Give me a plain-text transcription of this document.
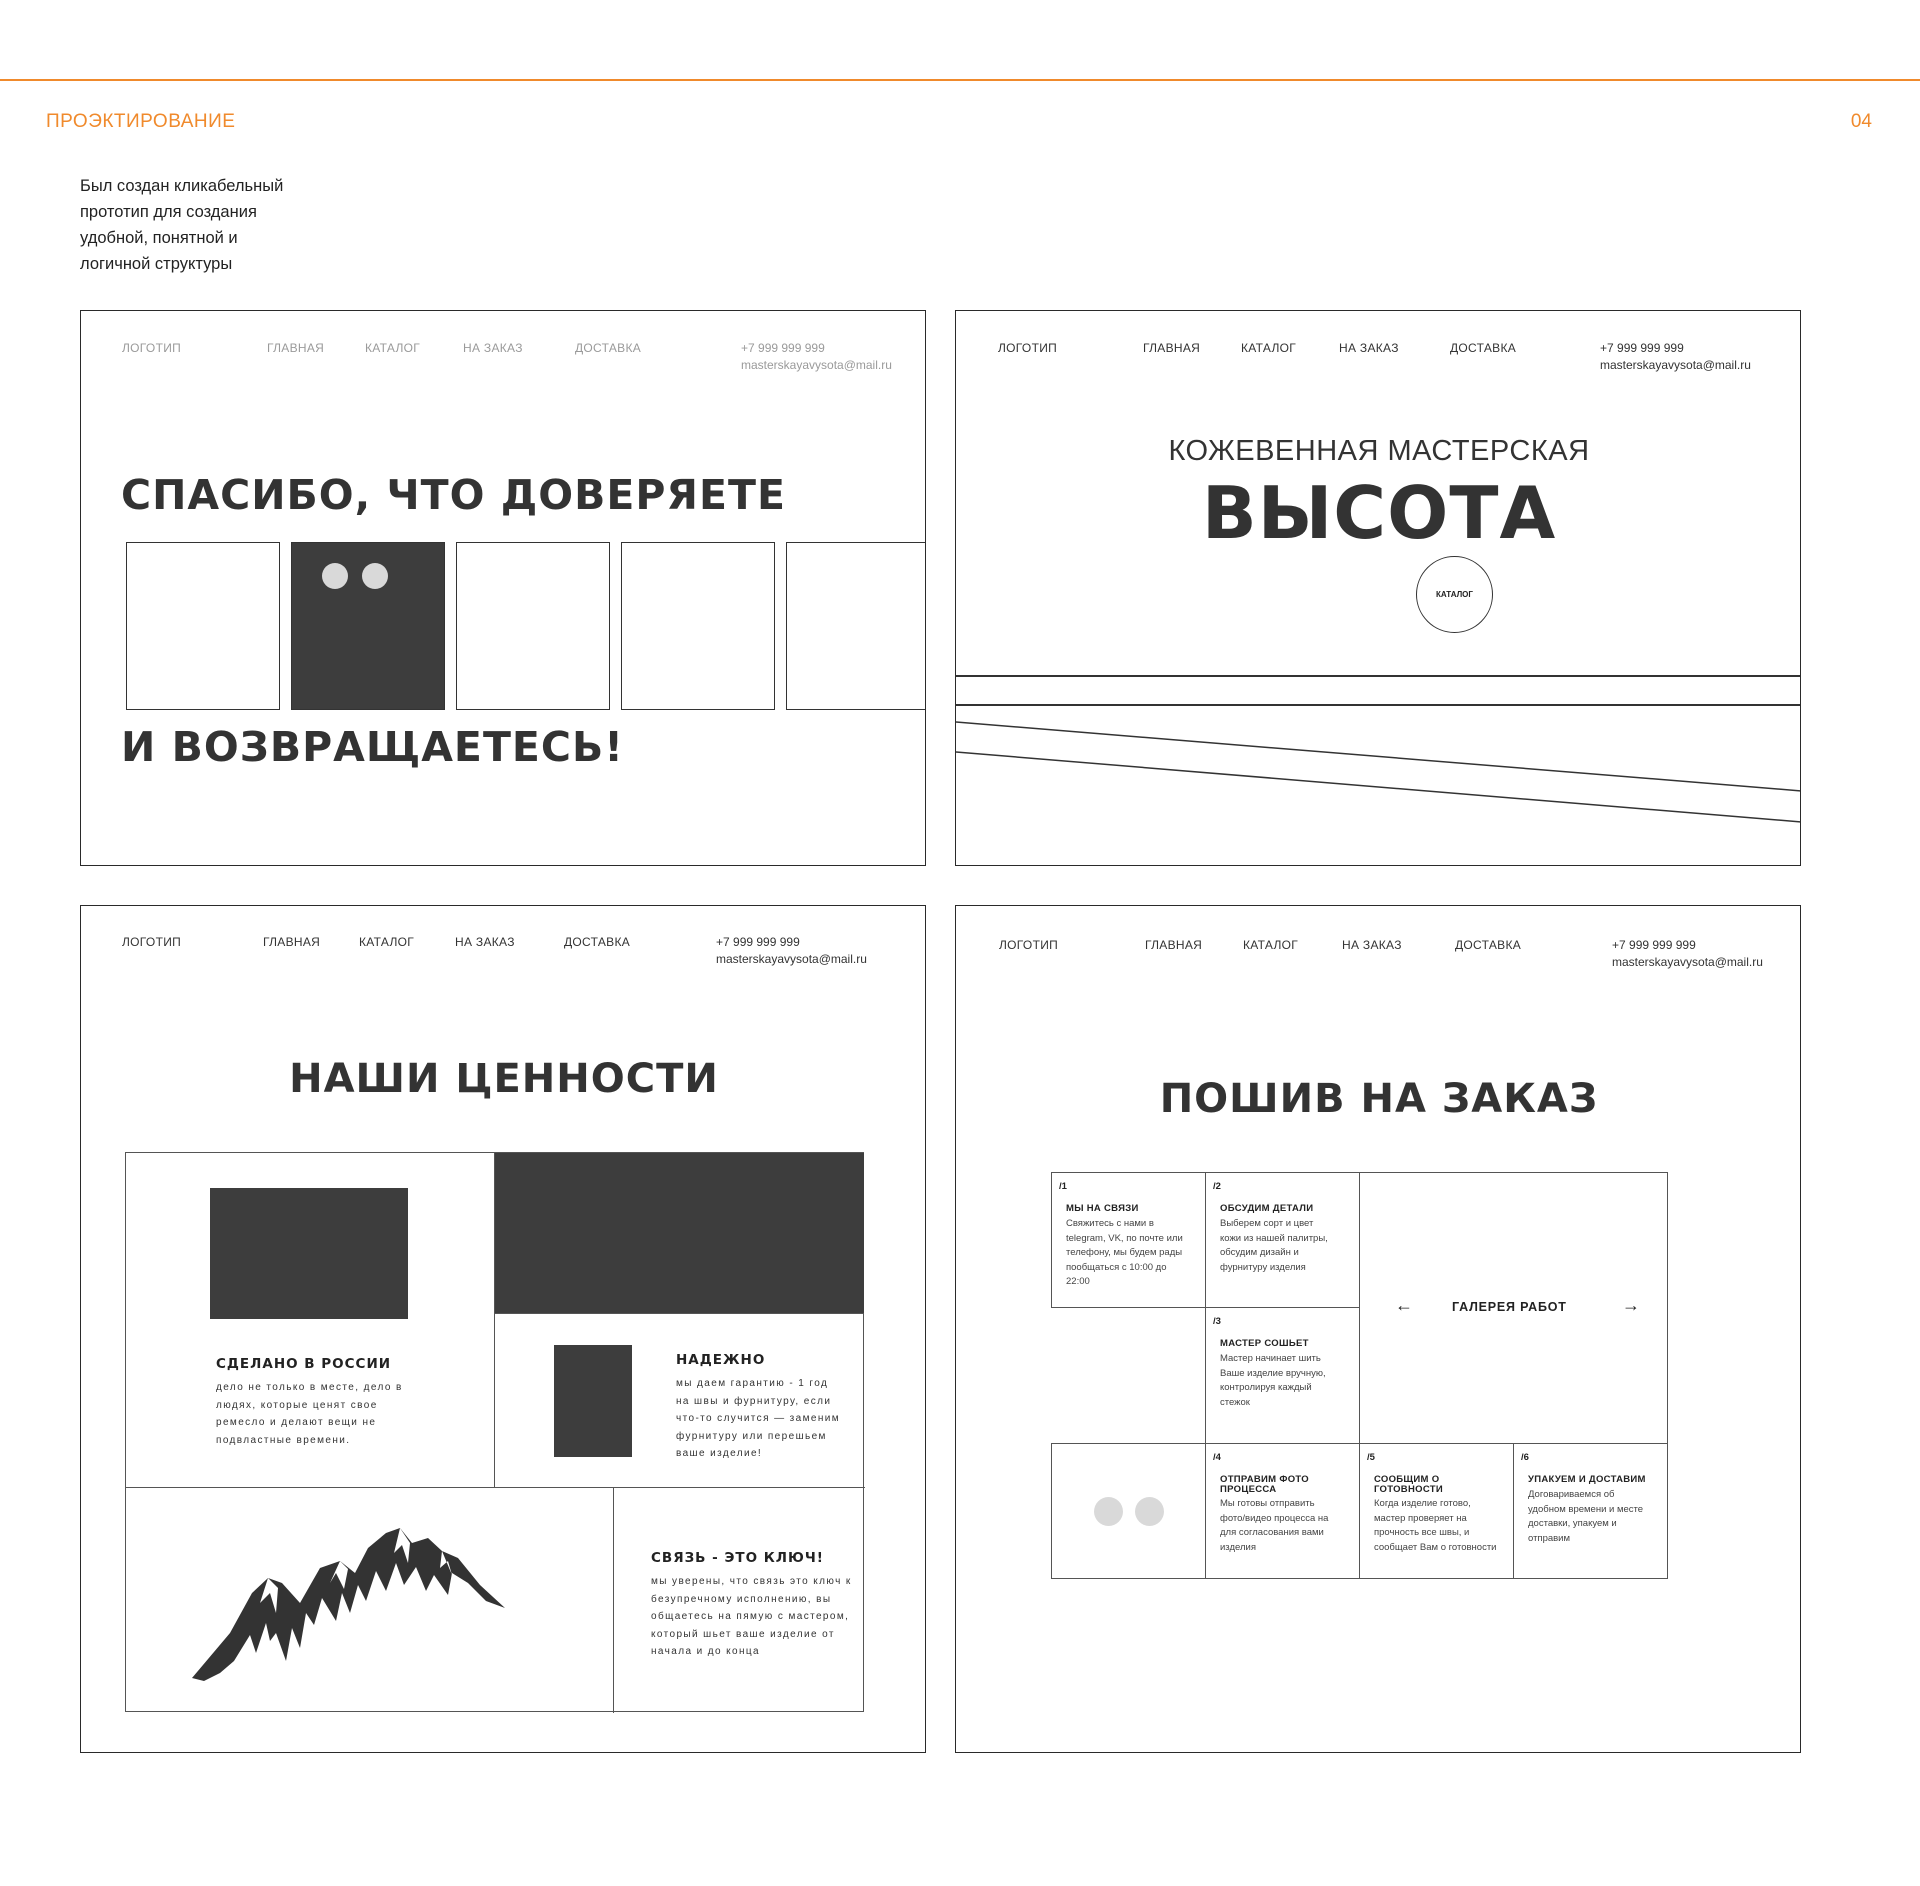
ПРОЭКТИРОВАНИЕ	04
Был создан кликабельный
прототип для создания
удобной, понятной и
логичной структуры
ЛОГОТИП	ГЛАВНАЯ	КАТАЛОГ	НА ЗАКАЗ	ДОСТАВКА	+7 999 999 999
masterskayavysota@mail.ru
СПАСИБО, ЧТО ДОВЕРЯЕТЕ
И ВОЗВРАЩАЕТЕСЬ!
ЛОГОТИП	ГЛАВНАЯ	КАТАЛОГ	НА ЗАКАЗ	ДОСТАВКА	+7 999 999 999
masterskayavysota@mail.ru
КОЖЕВЕННАЯ МАСТЕРСКАЯ
ВЫСОТА
КАТАЛОГ
ЛОГОТИП	ГЛАВНАЯ	КАТАЛОГ	НА ЗАКАЗ	ДОСТАВКА	+7 999 999 999
masterskayavysota@mail.ru
НАШИ ЦЕННОСТИ
СДЕЛАНО В РОССИИ
дело не только в месте, дело в
людях, которые ценят свое
ремесло и делают вещи не
подвластные времени.
НАДЕЖНО
мы даем гарантию - 1 год
на швы и фурнитуру, если
что-то случится — заменим
фурнитуру или перешьем
ваше изделие!
СВЯЗЬ - ЭТО КЛЮЧ!
мы уверены, что связь это ключ к
безупречному исполнению, вы
общаетесь на пямую с мастером,
который шьет ваше изделие от
начала и до конца
ЛОГОТИП	ГЛАВНАЯ	КАТАЛОГ	НА ЗАКАЗ	ДОСТАВКА	+7 999 999 999
masterskayavysota@mail.ru
ПОШИВ НА ЗАКАЗ
/1
МЫ НА СВЯЗИ
Свяжитесь с нами в
telegram, VK, по почте или
телефону, мы будем рады
пообщаться с 10:00 до
22:00
/2
ОБСУДИМ ДЕТАЛИ
Выберем сорт и цвет
кожи из нашей палитры,
обсудим дизайн и
фурнитуру изделия
←	ГАЛЕРЕЯ РАБОТ	→
/3
МАСТЕР СОШЬЕТ
Мастер начинает шить
Ваше изделие вручную,
контролируя каждый
стежок
/4
ОТПРАВИМ ФОТО
ПРОЦЕССА
Мы готовы отправить
фото/видео процесса на
для согласования вами
изделия
/5
СООБЩИМ О
ГОТОВНОСТИ
Когда изделие готово,
мастер проверяет на
прочность все швы, и
сообщает Вам о готовности
/6
УПАКУЕМ И ДОСТАВИМ
Договариваемся об
удобном времени и месте
доставки, упакуем и
отправим
